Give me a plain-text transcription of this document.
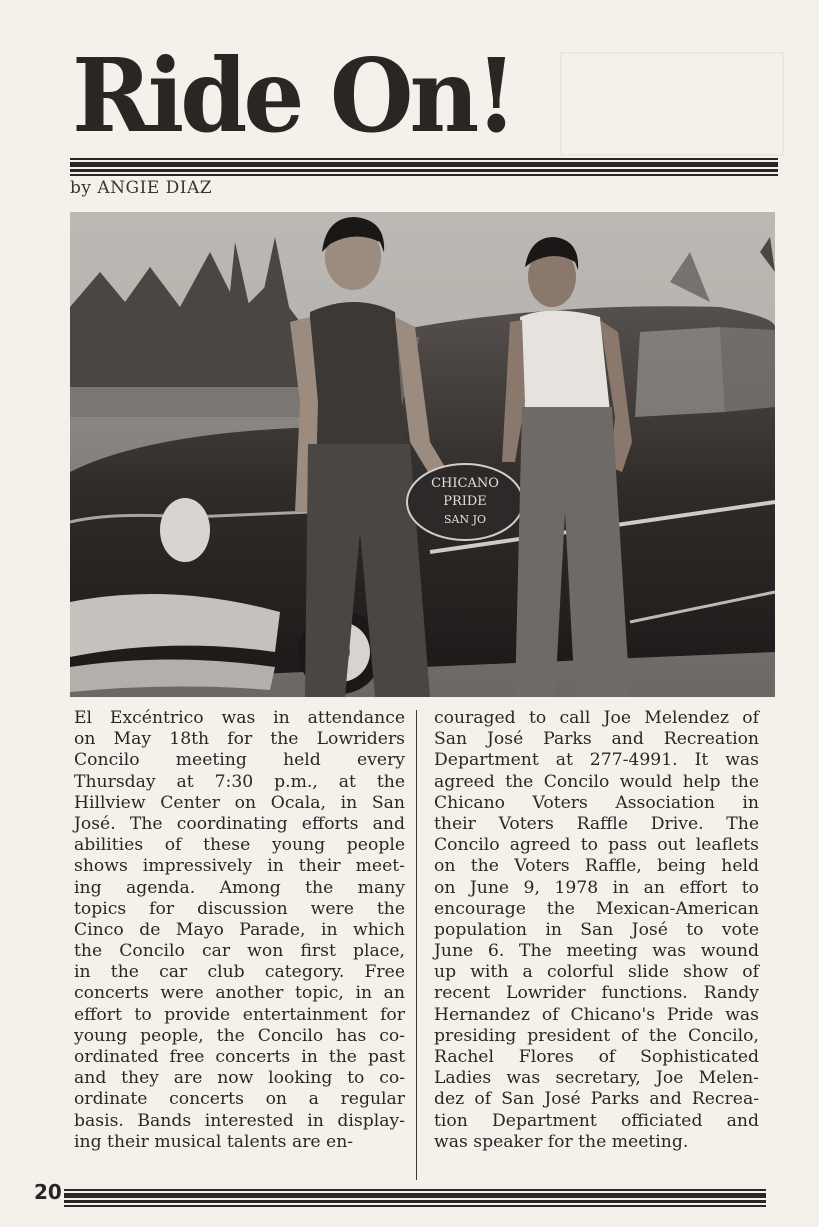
Ride On!
by ANGIE DIAZ
CHICANO
PRIDE
SAN JO
El Excéntrico was in attendance
on May 18th for the Lowriders
Concilo meeting held every
Thursday at 7:30 p.m., at the
Hillview Center on Ocala, in San
José. The coordinating efforts and
abilities of these young people
shows impressively in their meet-
ing agenda. Among the many
topics for discussion were the
Cinco de Mayo Parade, in which
the Concilo car won first place,
in the car club category. Free
concerts were another topic, in an
effort to provide entertainment for
young people, the Concilo has co-
ordinated free concerts in the past
and they are now looking to co-
ordinate concerts on a regular
basis. Bands interested in display-
ing their musical talents are en-
couraged to call Joe Melendez of
San José Parks and Recreation
Department at 277-4991. It was
agreed the Concilo would help the
Chicano Voters Association in
their Voters Raffle Drive. The
Concilo agreed to pass out leaflets
on the Voters Raffle, being held
on June 9, 1978 in an effort to
encourage the Mexican-American
population in San José to vote
June 6. The meeting was wound
up with a colorful slide show of
recent Lowrider functions. Randy
Hernandez of Chicano's Pride was
presiding president of the Concilo,
Rachel Flores of Sophisticated
Ladies was secretary, Joe Melen-
dez of San José Parks and Recrea-
tion Department officiated and
was speaker for the meeting.
20
